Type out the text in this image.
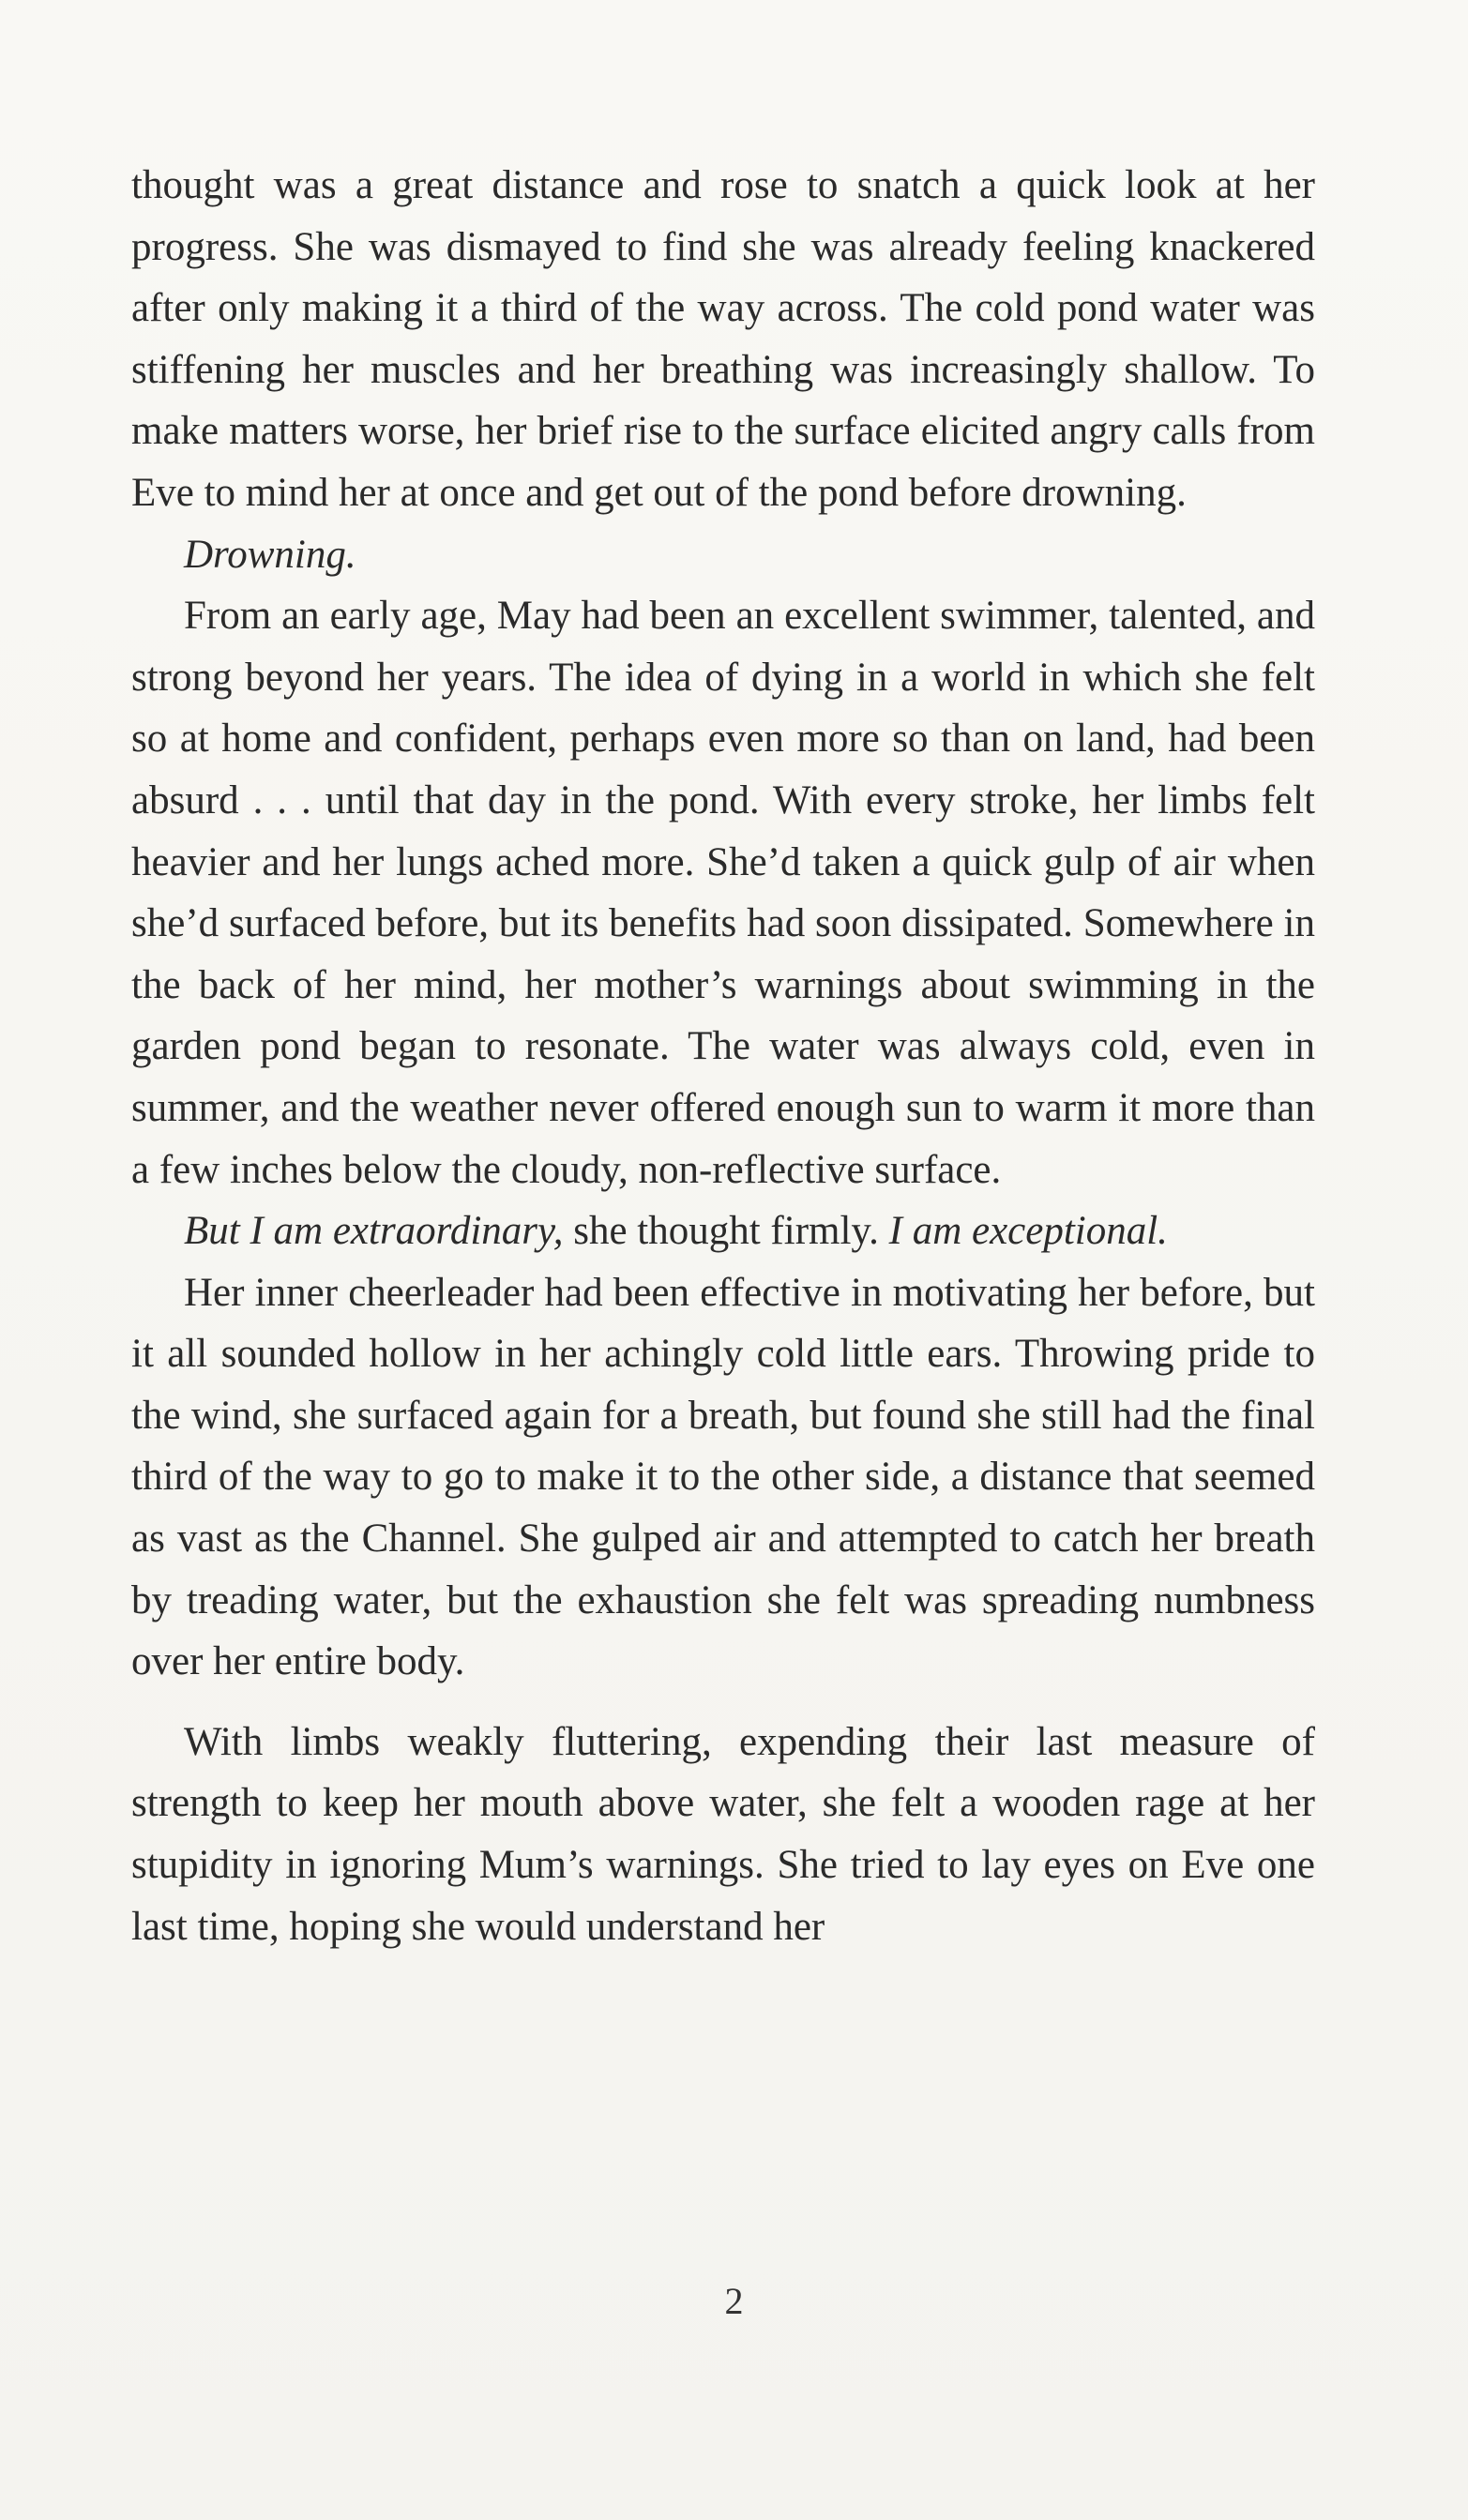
thought was a great distance and rose to snatch a quick look at her progress. She was dismayed to find she was already feeling knackered after only making it a third of the way across. The cold pond water was stiffening her muscles and her breathing was increasingly shallow. To make matters worse, her brief rise to the surface elicited angry calls from Eve to mind her at once and get out of the pond before drowning.

Drowning.

From an early age, May had been an excellent swimmer, talented, and strong beyond her years. The idea of dying in a world in which she felt so at home and confident, perhaps even more so than on land, had been absurd . . . until that day in the pond. With every stroke, her limbs felt heavier and her lungs ached more. She’d taken a quick gulp of air when she’d surfaced before, but its benefits had soon dissipated. Somewhere in the back of her mind, her mother’s warnings about swimming in the garden pond began to resonate. The water was always cold, even in summer, and the weather never offered enough sun to warm it more than a few inches below the cloudy, non-reflective surface.

But I am extraordinary, she thought firmly. I am exceptional.

Her inner cheerleader had been effective in motivating her before, but it all sounded hollow in her achingly cold little ears. Throwing pride to the wind, she surfaced again for a breath, but found she still had the final third of the way to go to make it to the other side, a distance that seemed as vast as the Channel. She gulped air and attempted to catch her breath by treading water, but the exhaustion she felt was spreading numbness over her entire body.

With limbs weakly fluttering, expending their last measure of strength to keep her mouth above water, she felt a wooden rage at her stupidity in ignoring Mum’s warnings. She tried to lay eyes on Eve one last time, hoping she would understand her

2
